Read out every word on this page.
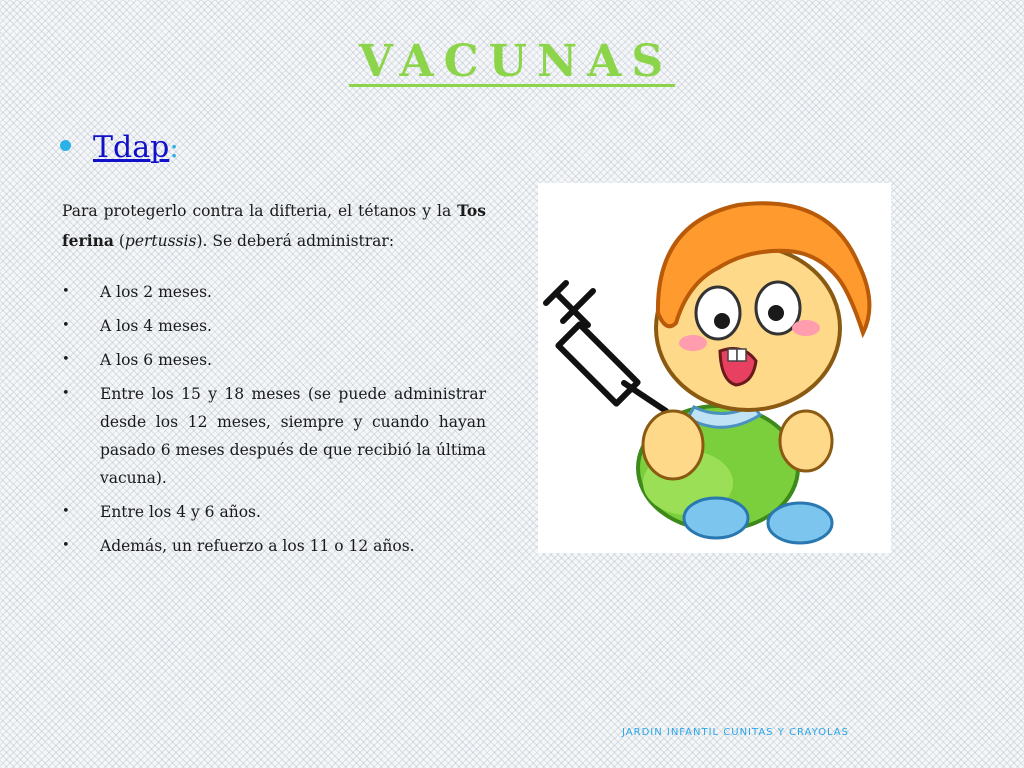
VACUNAS
Tdap:

Para protegerlo contra la difteria, el tétanos y la Tos ferina (pertussis). Se deberá administrar:

• A los 2 meses.
• A los 4 meses.
• A los 6 meses.
• Entre los 15 y 18 meses (se puede administrar desde los 12 meses, siempre y cuando hayan pasado 6 meses después de que recibió la última vacuna).
• Entre los 4 y 6 años.
• Además, un refuerzo a los 11 o 12 años.
JARDIN INFANTIL CUNITAS Y CRAYOLAS
